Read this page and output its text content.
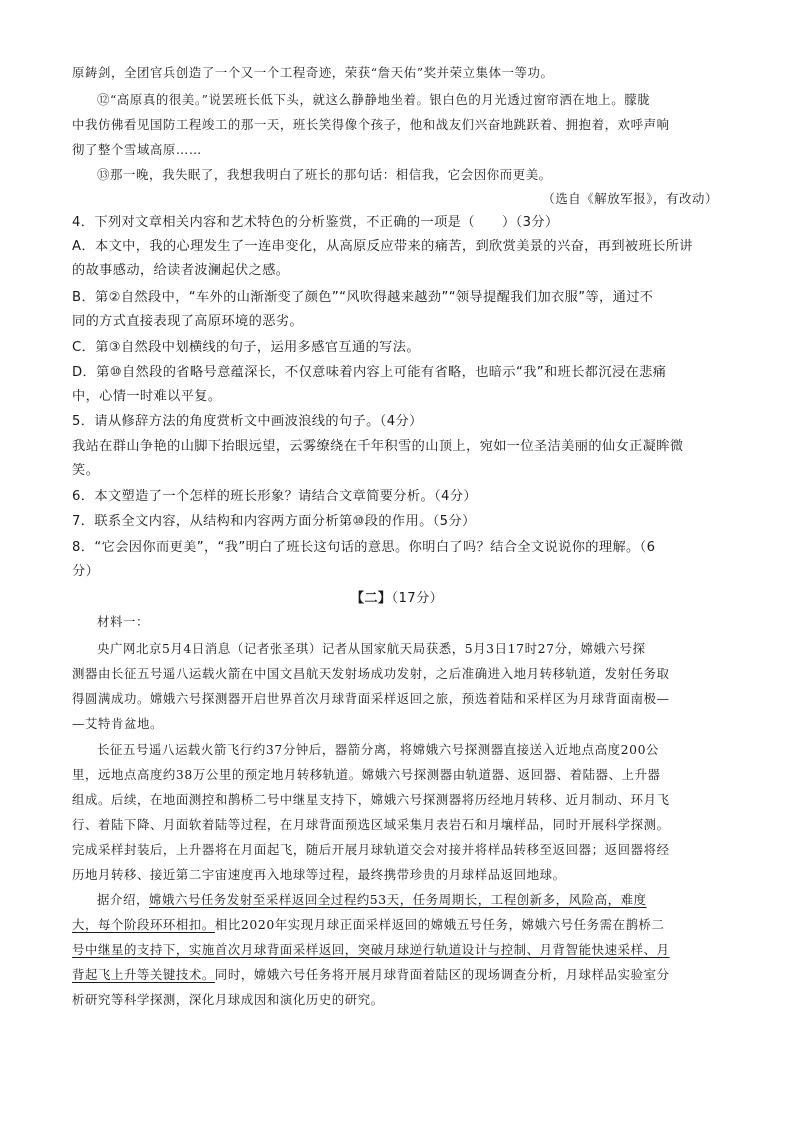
原鋳剑，全团官兵创造了一个又一个工程奇迹，荣获“詹天佑”奖并荣立集体一等功。
⑫“高原真的很美。”说罢班长低下头，就这么静静地坐着。银白色的月光透过窗帘洒在地上。朦胧
中我仿佛看见国防工程竣工的那一天，班长笑得像个孩子，他和战友们兴奋地跳跃着、拥抱着，欢呼声响
彻了整个雪域高原……
⑬那一晚，我失眠了，我想我明白了班长的那句话：相信我，它会因你而更美。
（选自《解放军报》，有改动）
4．下列对文章相关内容和艺术特色的分析鉴赏，不正确的一项是（　　）（3分）
A．本文中，我的心理发生了一连串变化，从高原反应带来的痛苦，到欣赏美景的兴奋，再到被班长所讲
的故事感动，给读者波澜起伏之感。
B．第②自然段中，“车外的山渐渐变了颜色”“风吹得越来越劲”“领导提醒我们加衣服”等，通过不
同的方式直接表现了高原环境的恶劣。
C．第③自然段中划横线的句子，运用多感官互通的写法。
D．第⑩自然段的省略号意蕴深长，不仅意味着内容上可能有省略，也暗示“我”和班长都沉浸在悲痛
中，心情一时难以平复。
5．请从修辞方法的角度赏析文中画波浪线的句子。（4分）
我站在群山争艳的山脚下抬眼远望，云雾缭绕在千年积雪的山顶上，宛如一位圣洁美丽的仙女正凝眸微
笑。
6．本文塑造了一个怎样的班长形象？请结合文章简要分析。（4分）
7．联系全文内容，从结构和内容两方面分析第⑩段的作用。（5分）
8．“它会因你而更美”，“我”明白了班长这句话的意思。你明白了吗？结合全文说说你的理解。（6
分）
【二】（17分）
材料一：
央广网北京5月4日消息（记者张圣琪）记者从国家航天局获悉，5月3日17时27分，嫦娥六号探
测器由长征五号遥八运载火箭在中国文昌航天发射场成功发射，之后准确进入地月转移轨道，发射任务取
得圆满成功。嫦娥六号探测器开启世界首次月球背面采样返回之旅，预选着陆和采样区为月球背面南极—
—艾特肯盆地。
长征五号遥八运载火箭飞行约37分钟后，器箭分离，将嫦娥六号探测器直接送入近地点高度200公
里，远地点高度约38万公里的预定地月转移轨道。嫦娥六号探测器由轨道器、返回器、着陆器、上升器
组成。后续，在地面测控和鹊桥二号中继星支持下，嫦娥六号探测器将历经地月转移、近月制动、环月飞
行、着陆下降、月面软着陆等过程，在月球背面预选区域采集月表岩石和月壤样品，同时开展科学探测。
完成采样封装后，上升器将在月面起飞，随后开展月球轨道交会对接并将样品转移至返回器；返回器将经
历地月转移、接近第二宇宙速度再入地球等过程，最终携带珍贵的月球样品返回地球。
据介绍，嫦娥六号任务发射至采样返回全过程约53天，任务周期长，工程创新多，风险高，难度
大，每个阶段环环相扣。相比2020年实现月球正面采样返回的嫦娥五号任务，嫦娥六号任务需在鹊桥二
号中继星的支持下，实施首次月球背面采样返回，突破月球逆行轨道设计与控制、月背智能快速采样、月
背起飞上升等关键技术。同时，嫦娥六号任务将开展月球背面着陆区的现场调查分析，月球样品实验室分
析研究等科学探测，深化月球成因和演化历史的研究。
